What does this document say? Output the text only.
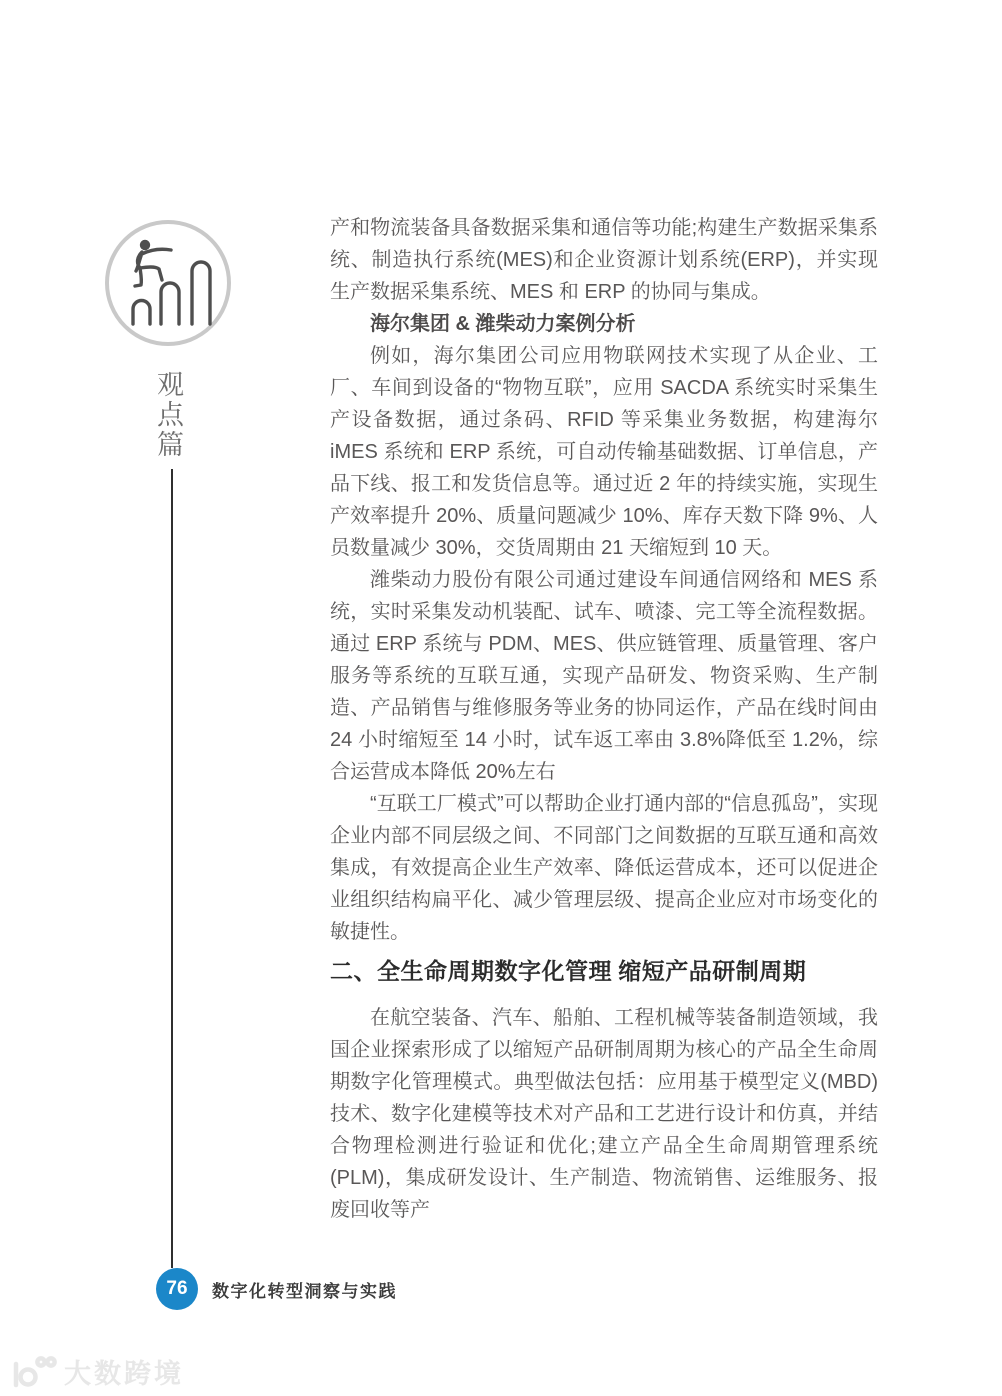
观点篇

产和物流装备具备数据采集和通信等功能;构建生产数据采集系统、制造执行系统(MES)和企业资源计划系统(ERP)，并实现生产数据采集系统、MES 和 ERP 的协同与集成。

海尔集团 & 潍柴动力案例分析

例如，海尔集团公司应用物联网技术实现了从企业、工厂、车间到设备的“物物互联”，应用 SACDA 系统实时采集生产设备数据，通过条码、RFID 等采集业务数据，构建海尔 iMES 系统和 ERP 系统，可自动传输基础数据、订单信息，产品下线、报工和发货信息等。通过近 2 年的持续实施，实现生产效率提升 20%、质量问题减少 10%、库存天数下降 9%、人员数量减少 30%，交货周期由 21 天缩短到 10 天。

潍柴动力股份有限公司通过建设车间通信网络和 MES 系统，实时采集发动机装配、试车、喷漆、完工等全流程数据。通过 ERP 系统与 PDM、MES、供应链管理、质量管理、客户服务等系统的互联互通，实现产品研发、物资采购、生产制造、产品销售与维修服务等业务的协同运作，产品在线时间由 24 小时缩短至 14 小时，试车返工率由 3.8%降低至 1.2%，综合运营成本降低 20%左右

“互联工厂模式”可以帮助企业打通内部的“信息孤岛”，实现企业内部不同层级之间、不同部门之间数据的互联互通和高效集成，有效提高企业生产效率、降低运营成本，还可以促进企业组织结构扁平化、减少管理层级、提高企业应对市场变化的敏捷性。

二、全生命周期数字化管理 缩短产品研制周期

在航空装备、汽车、船舶、工程机械等装备制造领域，我国企业探索形成了以缩短产品研制周期为核心的产品全生命周期数字化管理模式。典型做法包括：应用基于模型定义(MBD)技术、数字化建模等技术对产品和工艺进行设计和仿真，并结合物理检测进行验证和优化;建立产品全生命周期管理系统(PLM)，集成研发设计、生产制造、物流销售、运维服务、报废回收等产

76 数字化转型洞察与实践
大数跨境
